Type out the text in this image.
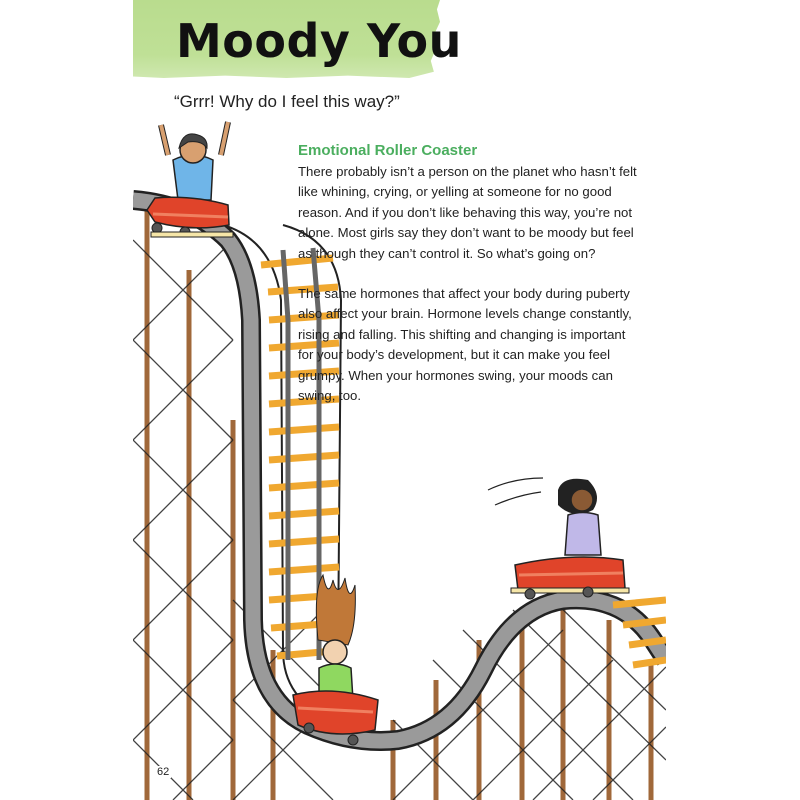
Moody You
“Grrr! Why do I feel this way?”
Emotional Roller Coaster

There probably isn’t a person on the planet who hasn’t felt like whining, crying, or yelling at someone for no good reason. And if you don’t like behaving this way, you’re not alone. Most girls say they don’t want to be moody but feel as though they can’t control it. So what’s going on?

The same hormones that affect your body during puberty also affect your brain. Hormone levels change constantly, rising and falling. This shifting and changing is important for your body’s development, but it can make you feel grumpy. When your hormones swing, your moods can swing, too.

62
